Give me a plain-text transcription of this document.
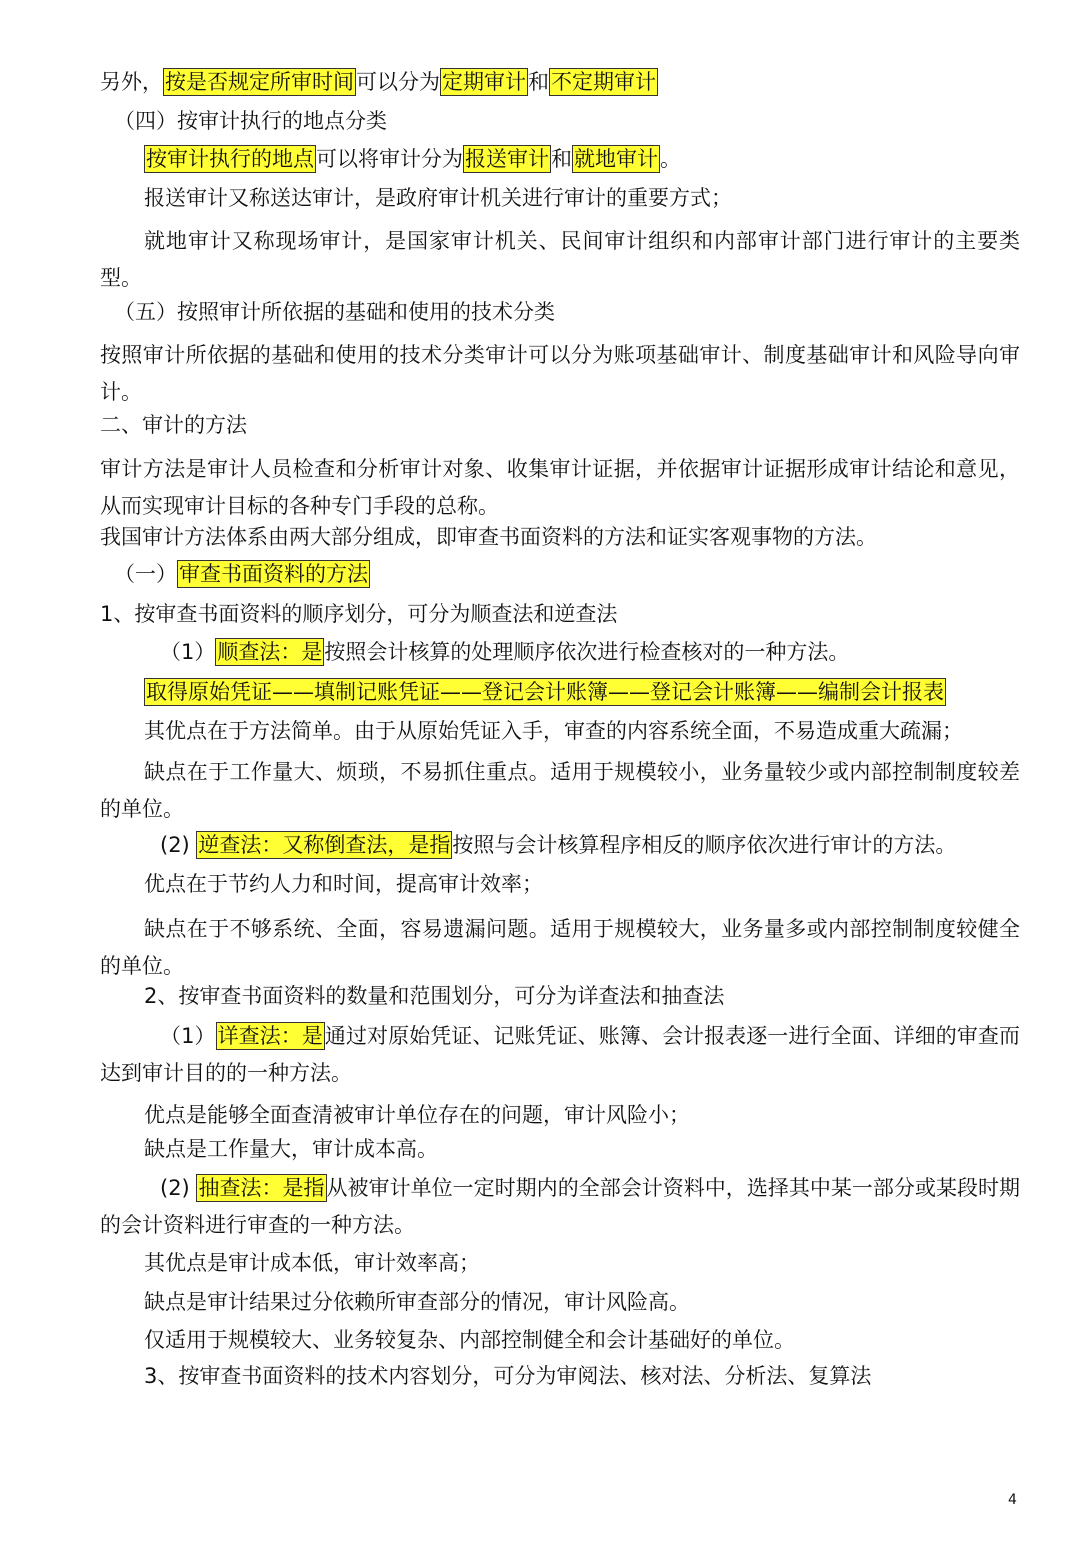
另外，按是否规定所审时间可以分为定期审计和不定期审计
（四）按审计执行的地点分类
按审计执行的地点可以将审计分为报送审计和就地审计。
报送审计又称送达审计，是政府审计机关进行审计的重要方式；
就地审计又称现场审计，是国家审计机关、民间审计组织和内部审计部门进行审计的主要类型。
（五）按照审计所依据的基础和使用的技术分类
按照审计所依据的基础和使用的技术分类审计可以分为账项基础审计、制度基础审计和风险导向审计。
二、审计的方法
审计方法是审计人员检查和分析审计对象、收集审计证据，并依据审计证据形成审计结论和意见，从而实现审计目标的各种专门手段的总称。
我国审计方法体系由两大部分组成，即审查书面资料的方法和证实客观事物的方法。
（一）审查书面资料的方法
1、按审查书面资料的顺序划分，可分为顺查法和逆查法
（1）顺查法：是按照会计核算的处理顺序依次进行检查核对的一种方法。
取得原始凭证——填制记账凭证——登记会计账簿——登记会计账簿——编制会计报表
其优点在于方法简单。由于从原始凭证入手，审查的内容系统全面，不易造成重大疏漏；
缺点在于工作量大、烦琐，不易抓住重点。适用于规模较小，业务量较少或内部控制制度较差的单位。
(2) 逆查法：又称倒查法，是指按照与会计核算程序相反的顺序依次进行审计的方法。
优点在于节约人力和时间，提高审计效率；
缺点在于不够系统、全面，容易遗漏问题。适用于规模较大，业务量多或内部控制制度较健全的单位。
2、按审查书面资料的数量和范围划分，可分为详查法和抽查法
（1）详查法：是通过对原始凭证、记账凭证、账簿、会计报表逐一进行全面、详细的审查而达到审计目的的一种方法。
优点是能够全面查清被审计单位存在的问题，审计风险小；
缺点是工作量大，审计成本高。
(2) 抽查法：是指从被审计单位一定时期内的全部会计资料中，选择其中某一部分或某段时期的会计资料进行审查的一种方法。
其优点是审计成本低，审计效率高；
缺点是审计结果过分依赖所审查部分的情况，审计风险高。
仅适用于规模较大、业务较复杂、内部控制健全和会计基础好的单位。
3、按审查书面资料的技术内容划分，可分为审阅法、核对法、分析法、复算法
4
